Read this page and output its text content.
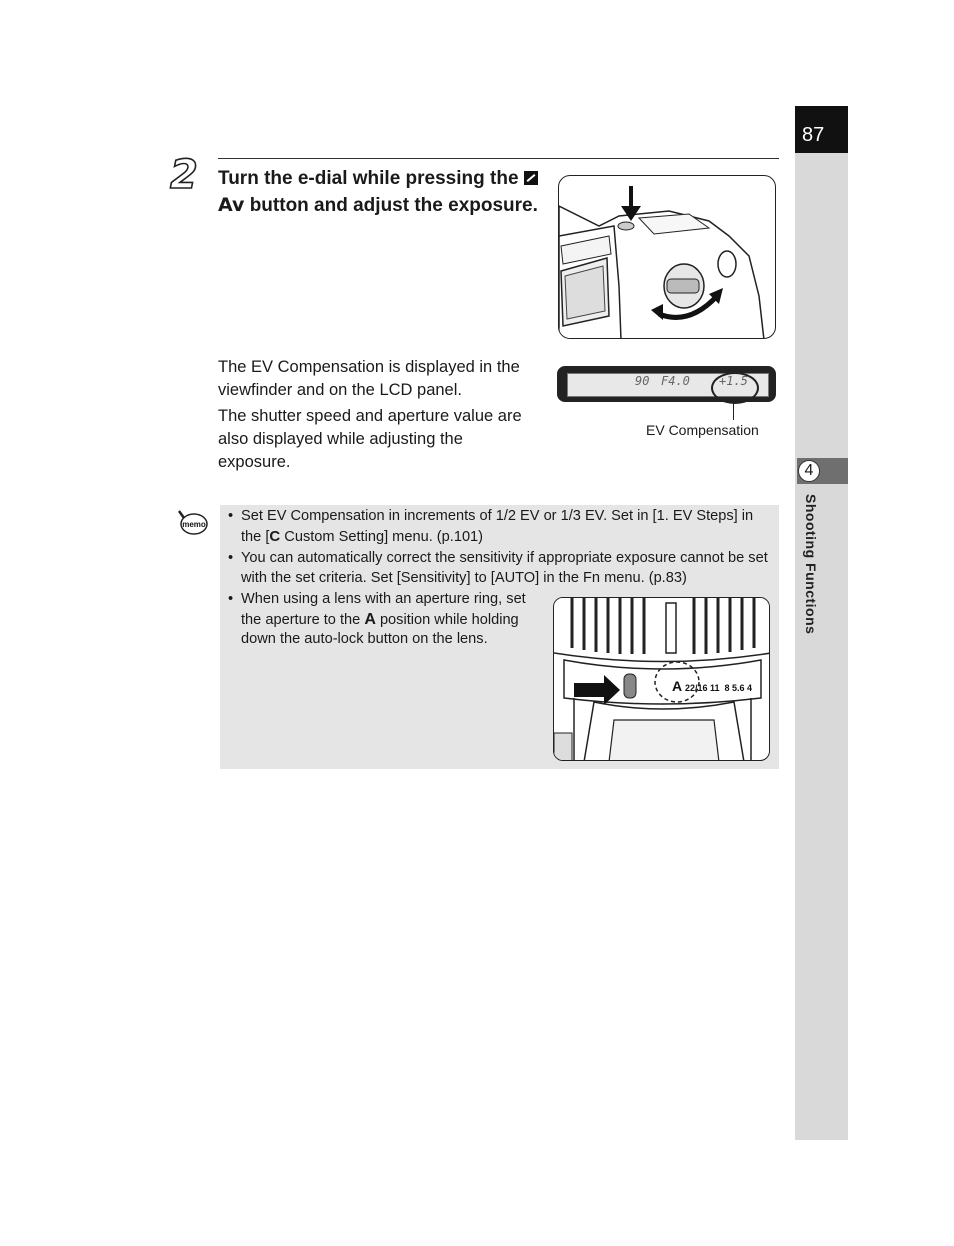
87
4
Shooting Functions
2 Turn the e-dial while pressing the Av button and adjust the exposure.

The EV Compensation is displayed in the viewfinder and on the LCD panel.

The shutter speed and aperture value are also displayed while adjusting the exposure.

90 F4.0 +1.5
EV Compensation
memo
• Set EV Compensation in increments of 1/2 EV or 1/3 EV. Set in [1. EV Steps] in the [C Custom Setting] menu. (p.101)
• You can automatically correct the sensitivity if appropriate exposure cannot be set with the set criteria. Set [Sensitivity] to [AUTO] in the Fn menu. (p.83)
• When using a lens with an aperture ring, set the aperture to the A position while holding down the auto-lock button on the lens.
A 22/16 11  8 5.6 4
